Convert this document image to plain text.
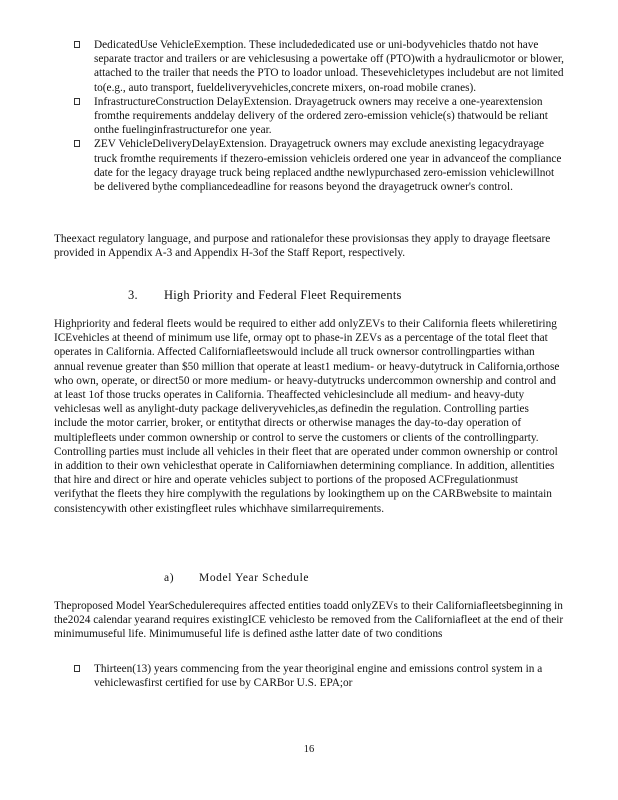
DedicatedUse VehicleExemption. These includededicated use or uni-bodyvehicles thatdo not have separate tractor and trailers or are vehiclesusing a powertake off (PTO)with a hydraulicmotor or blower, attached to the trailer that needs the PTO to loador unload. Thesevehicletypes includebut are not limited to(e.g., auto transport, fueldeliveryvehicles,concrete mixers, on-road mobile cranes).
InfrastructureConstruction DelayExtension. Drayagetruck owners may receive a one-yearextension fromthe requirements anddelay delivery of the ordered zero-emission vehicle(s) thatwould be reliant onthe fuelinginfrastructurefor one year.
ZEV VehicleDeliveryDelayExtension. Drayagetruck owners may exclude anexisting legacydrayage truck fromthe requirements if thezero-emission vehicleis ordered one year in advanceof the compliance date for the legacy drayage truck being replaced andthe newlypurchased zero-emission vehiclewillnot be delivered bythe compliancedeadline for reasons beyond the drayagetruck owner's control.

Theexact regulatory language, and purpose and rationalefor these provisionsas they apply to drayage fleetsare provided in Appendix A-3 and Appendix H-3of the Staff Report, respectively.

3. High Priority and Federal Fleet Requirements

Highpriority and federal fleets would be required to either add onlyZEVs to their California fleets whileretiring ICEvehicles at theend of minimum use life, ormay opt to phase-in ZEVs as a percentage of the total fleet that operates in California. Affected Californiafleetswould include all truck ownersor controllingparties withan annual revenue greater than $50 million that operate at least1 medium- or heavy-dutytruck in California,orthose who own, operate, or direct50 or more medium- or heavy-dutytrucks undercommon ownership and control and at least 1of those trucks operates in California. Theaffected vehiclesinclude all medium- and heavy-duty vehiclesas well as anylight-duty package deliveryvehicles,as definedin the regulation. Controlling parties include the motor carrier, broker, or entitythat directs or otherwise manages the day-to-day operation of multiplefleets under common ownership or control to serve the customers or clients of the controllingparty. Controlling parties must include all vehicles in their fleet that are operated under common ownership or control in addition to their own vehiclesthat operate in Californiawhen determining compliance. In addition, allentities that hire and direct or hire and operate vehicles subject to portions of the proposed ACFregulationmust verifythat the fleets they hire complywith the regulations by lookingthem up on the CARBwebsite to maintain consistencywith other existingfleet rules whichhave similarrequirements.

a) Model Year Schedule

Theproposed Model YearSchedulerequires affected entities toadd onlyZEVs to their Californiafleetsbeginning in the2024 calendar yearand requires existingICE vehiclesto be removed from the Californiafleet at the end of their minimumuseful life. Minimumuseful life is defined asthe latter date of two conditions

Thirteen(13) years commencing from the year theoriginal engine and emissions control system in a vehiclewasfirst certified for use by CARBor U.S. EPA;or
16
